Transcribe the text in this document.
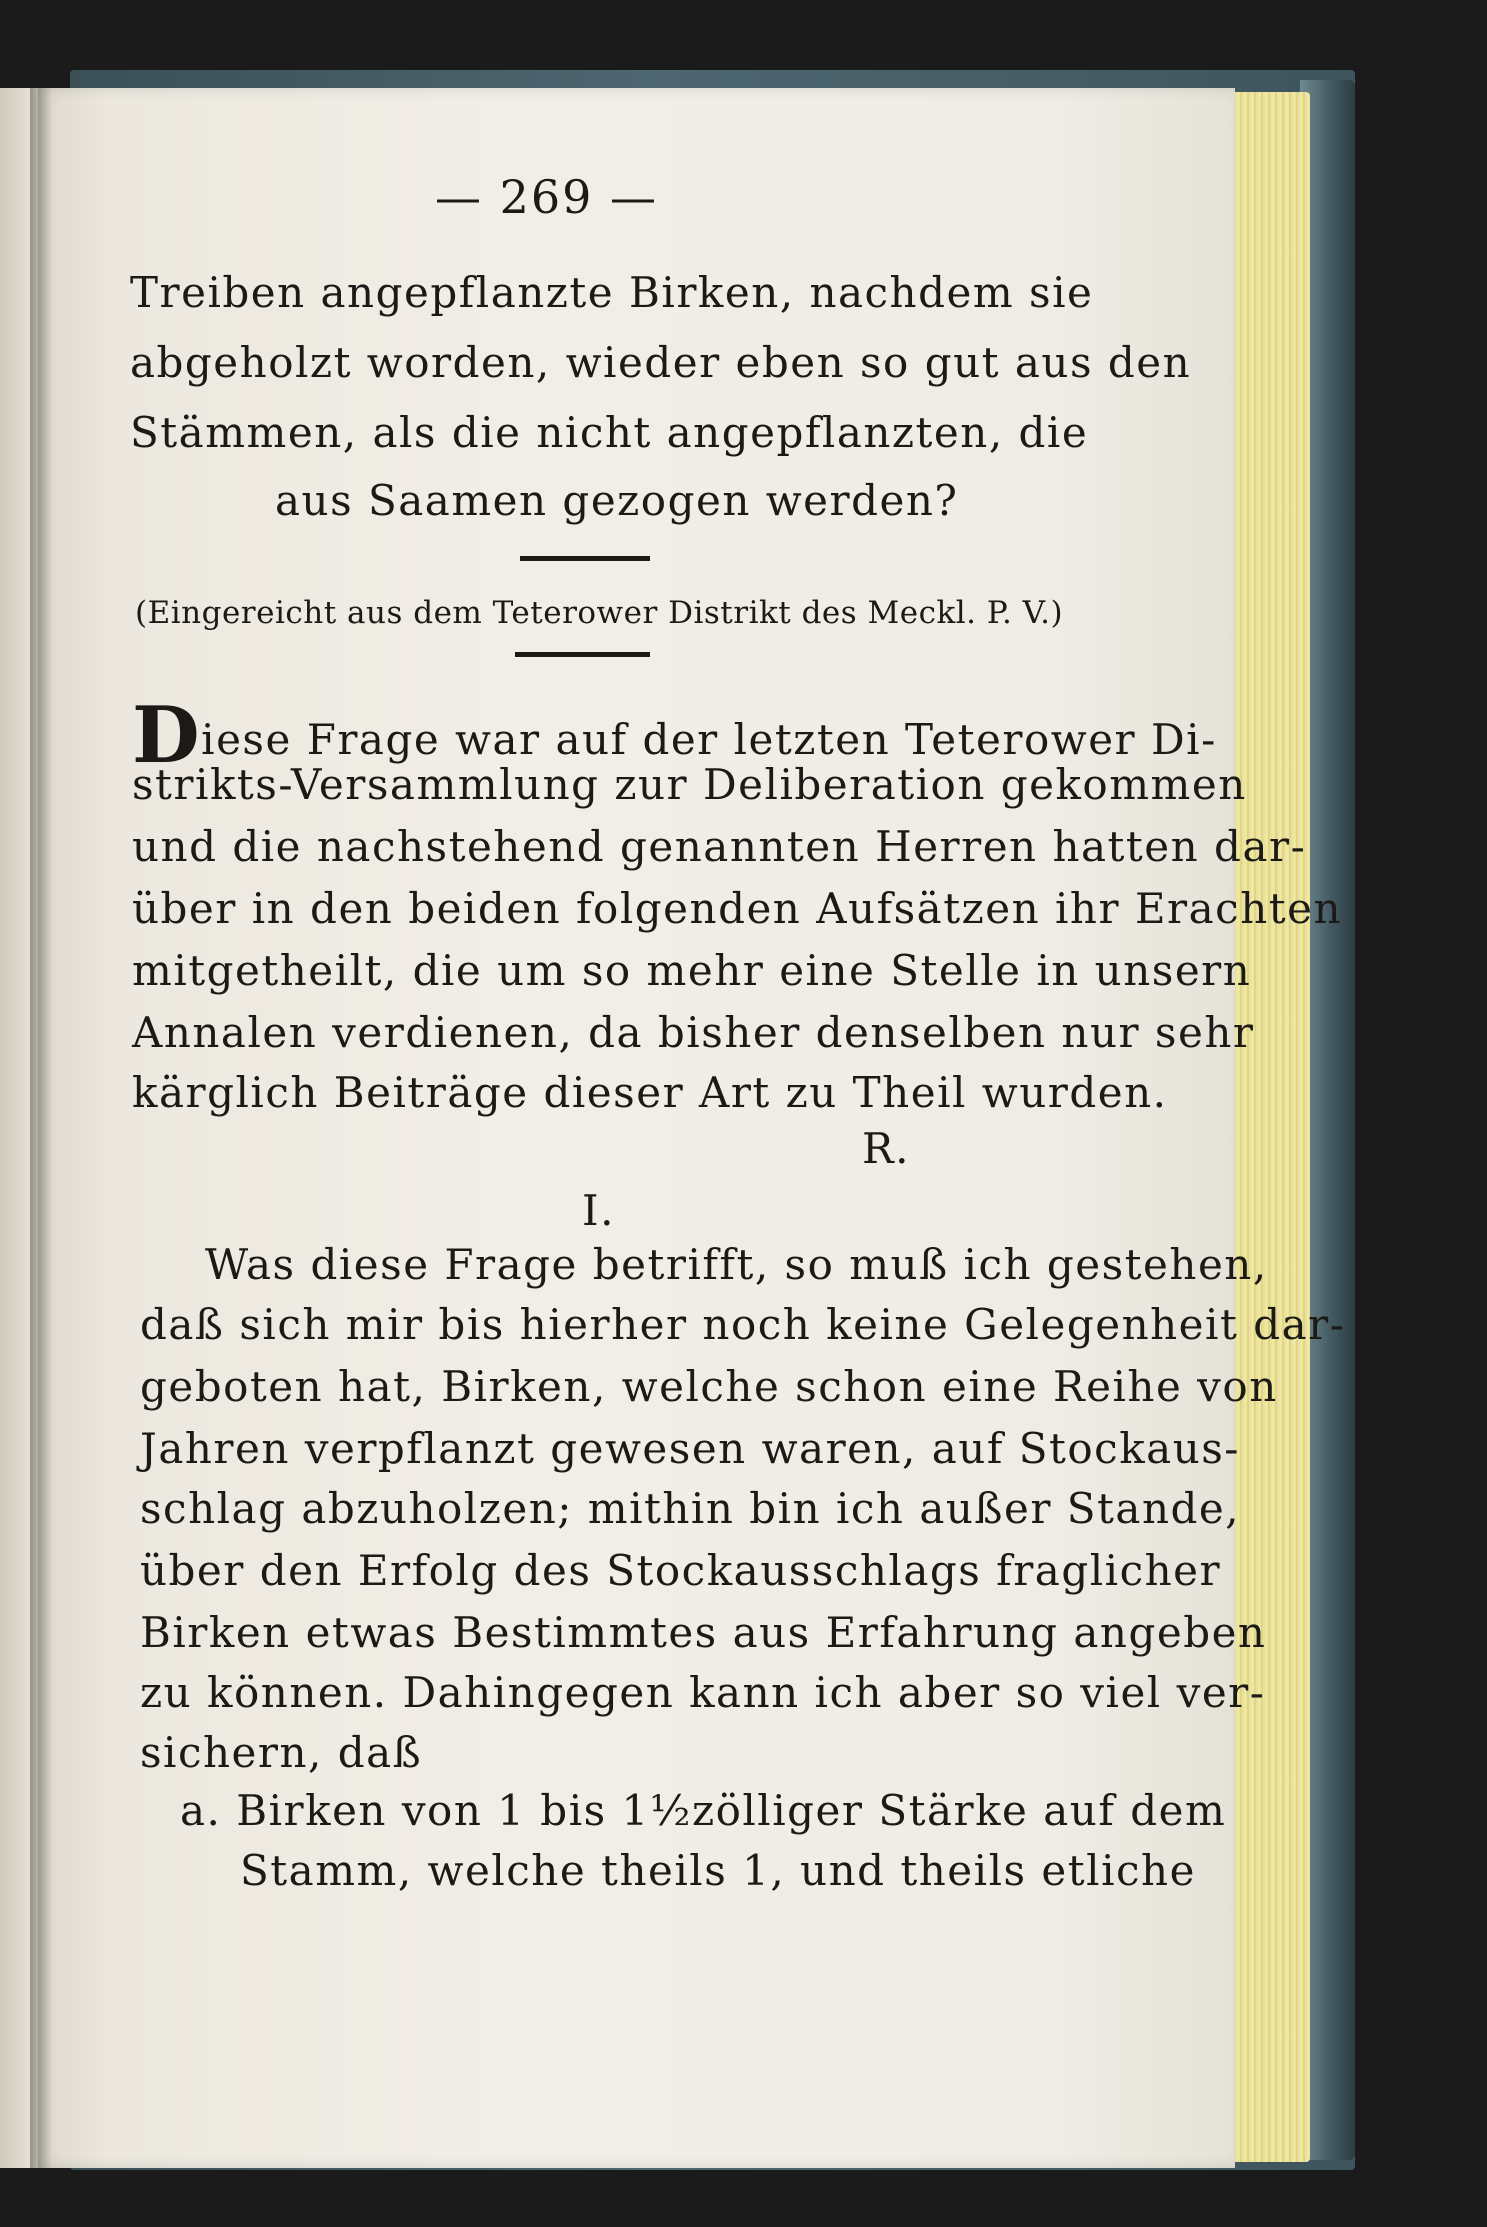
— 269 —
Treiben angepflanzte Birken, nachdem sie
abgeholzt worden, wieder eben so gut aus den
Stämmen, als die nicht angepflanzten, die
aus Saamen gezogen werden?
(Eingereicht aus dem Teterower Distrikt des Meckl. P. V.)
Diese Frage war auf der letzten Teterower Di-
strikts-Versammlung zur Deliberation gekommen
und die nachstehend genannten Herren hatten dar-
über in den beiden folgenden Aufsätzen ihr Erachten
mitgetheilt, die um so mehr eine Stelle in unsern
Annalen verdienen, da bisher denselben nur sehr
kärglich Beiträge dieser Art zu Theil wurden.
R.
I.
Was diese Frage betrifft, so muß ich gestehen,
daß sich mir bis hierher noch keine Gelegenheit dar-
geboten hat, Birken, welche schon eine Reihe von
Jahren verpflanzt gewesen waren, auf Stockaus-
schlag abzuholzen; mithin bin ich außer Stande,
über den Erfolg des Stockausschlags fraglicher
Birken etwas Bestimmtes aus Erfahrung angeben
zu können. Dahingegen kann ich aber so viel ver-
sichern, daß
a. Birken von 1 bis 1½zölliger Stärke auf dem
Stamm, welche theils 1, und theils etliche
